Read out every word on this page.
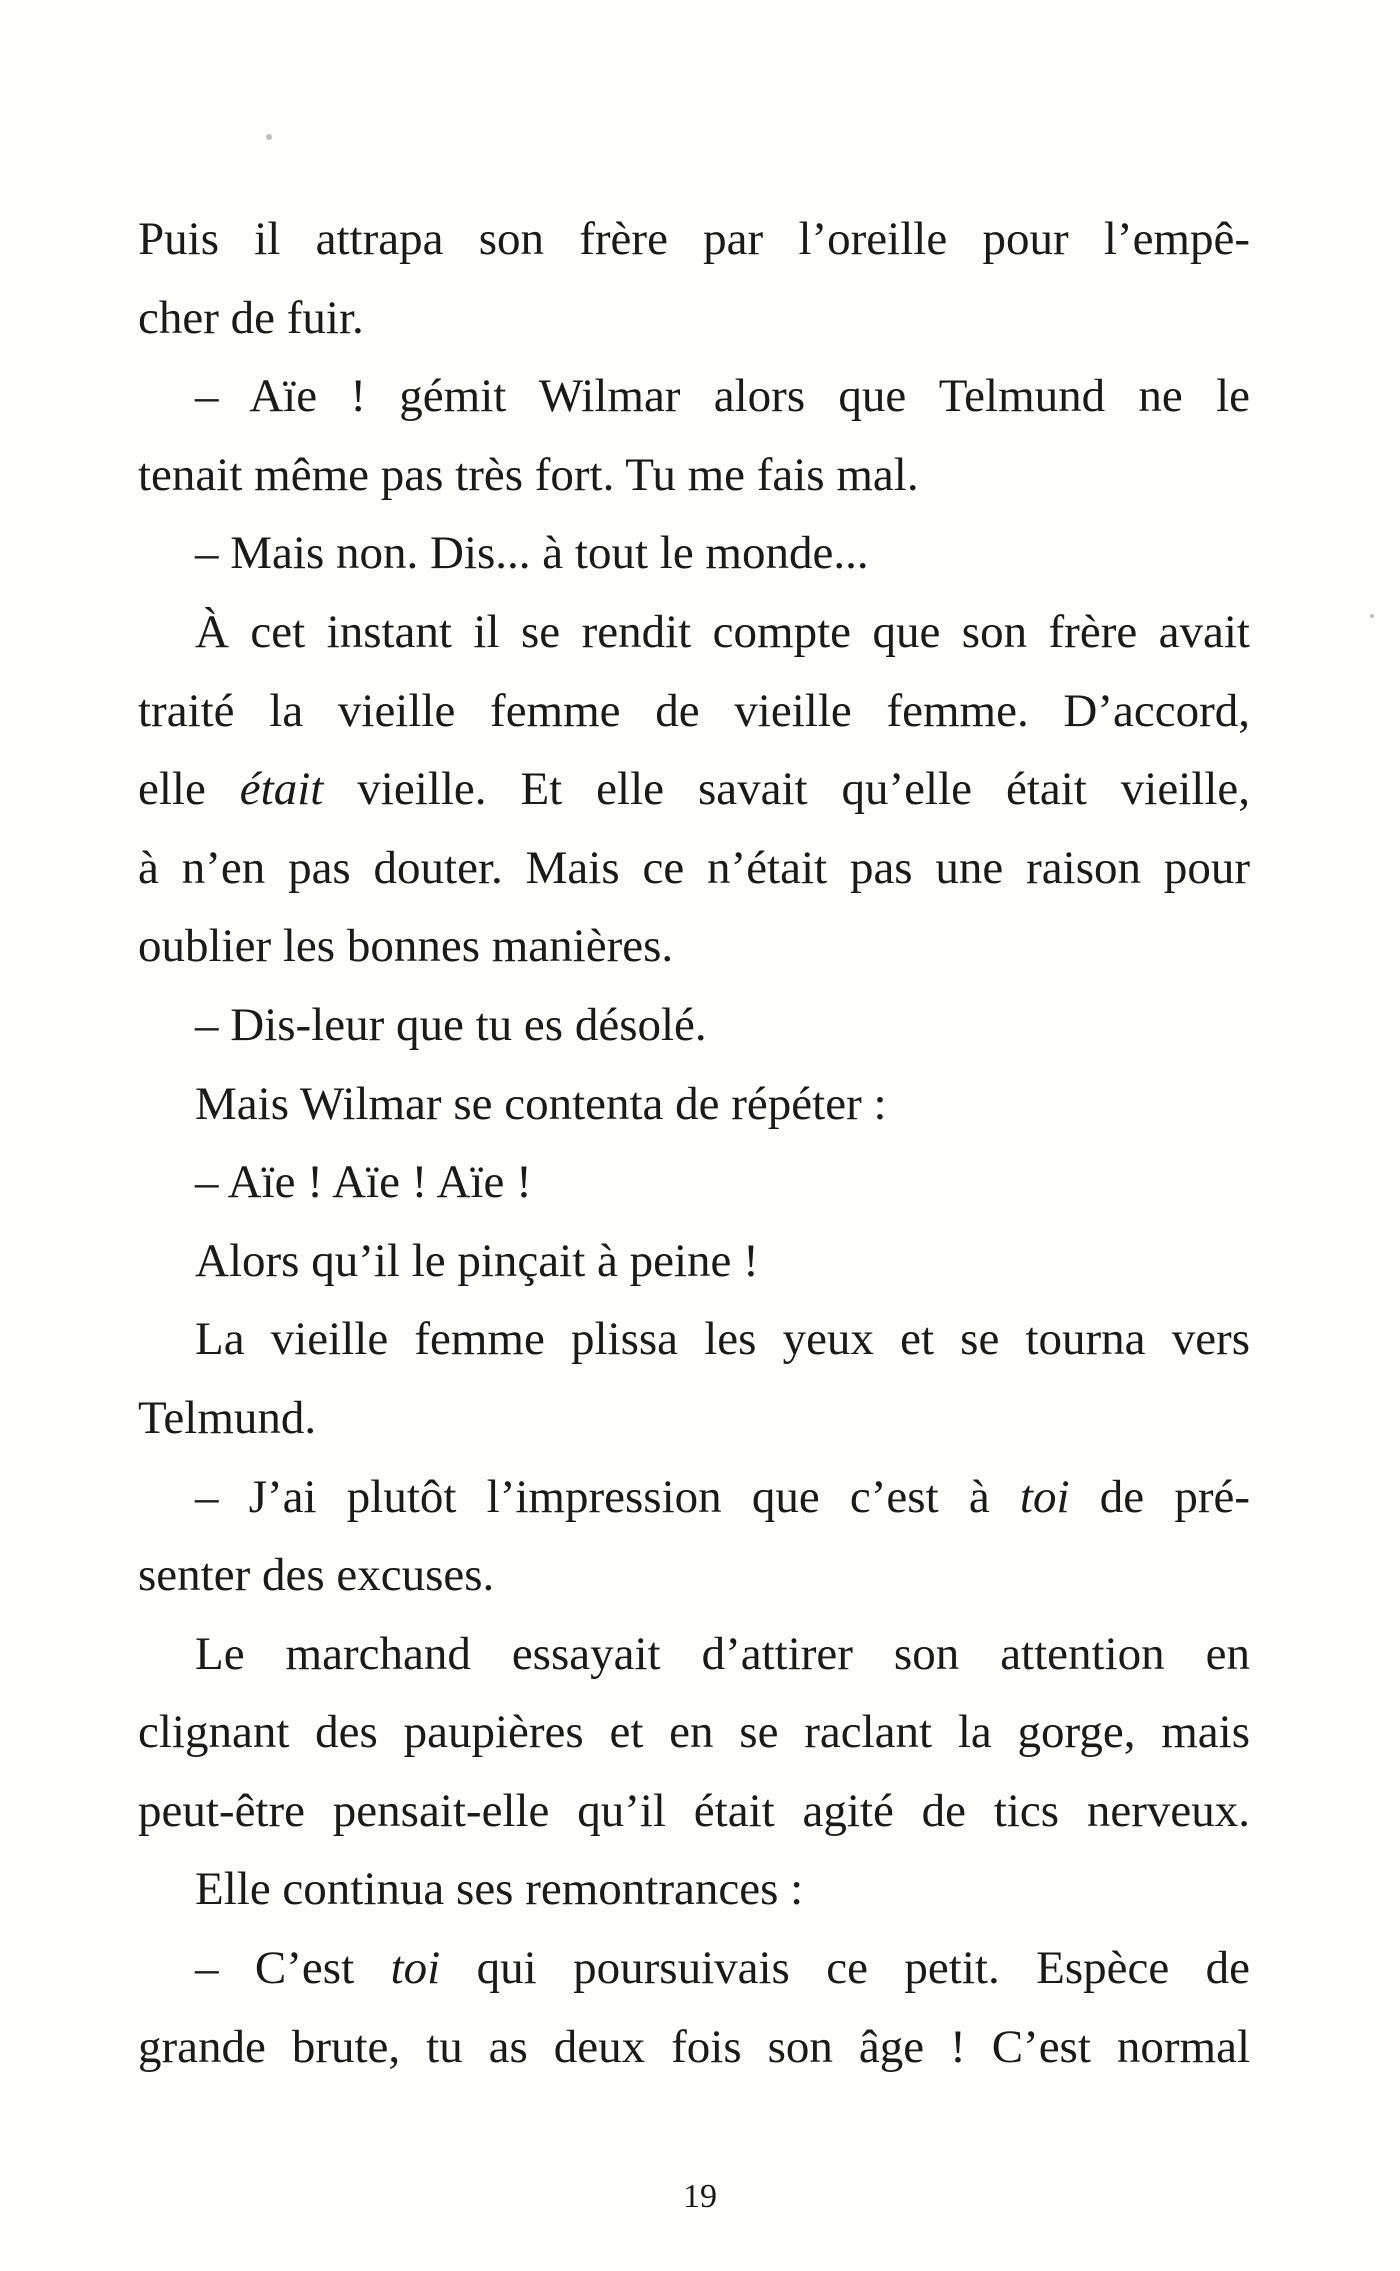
Puis il attrapa son frère par l’oreille pour l’empê-
cher de fuir.
– Aïe ! gémit Wilmar alors que Telmund ne le
tenait même pas très fort. Tu me fais mal.
– Mais non. Dis... à tout le monde...
À cet instant il se rendit compte que son frère avait
traité la vieille femme de vieille femme. D’accord,
elle était vieille. Et elle savait qu’elle était vieille,
à n’en pas douter. Mais ce n’était pas une raison pour
oublier les bonnes manières.
– Dis-leur que tu es désolé.
Mais Wilmar se contenta de répéter :
– Aïe ! Aïe ! Aïe !
Alors qu’il le pinçait à peine !
La vieille femme plissa les yeux et se tourna vers
Telmund.
– J’ai plutôt l’impression que c’est à toi de pré-
senter des excuses.
Le marchand essayait d’attirer son attention en
clignant des paupières et en se raclant la gorge, mais
peut-être pensait-elle qu’il était agité de tics nerveux.
Elle continua ses remontrances :
– C’est toi qui poursuivais ce petit. Espèce de
grande brute, tu as deux fois son âge ! C’est normal
19
